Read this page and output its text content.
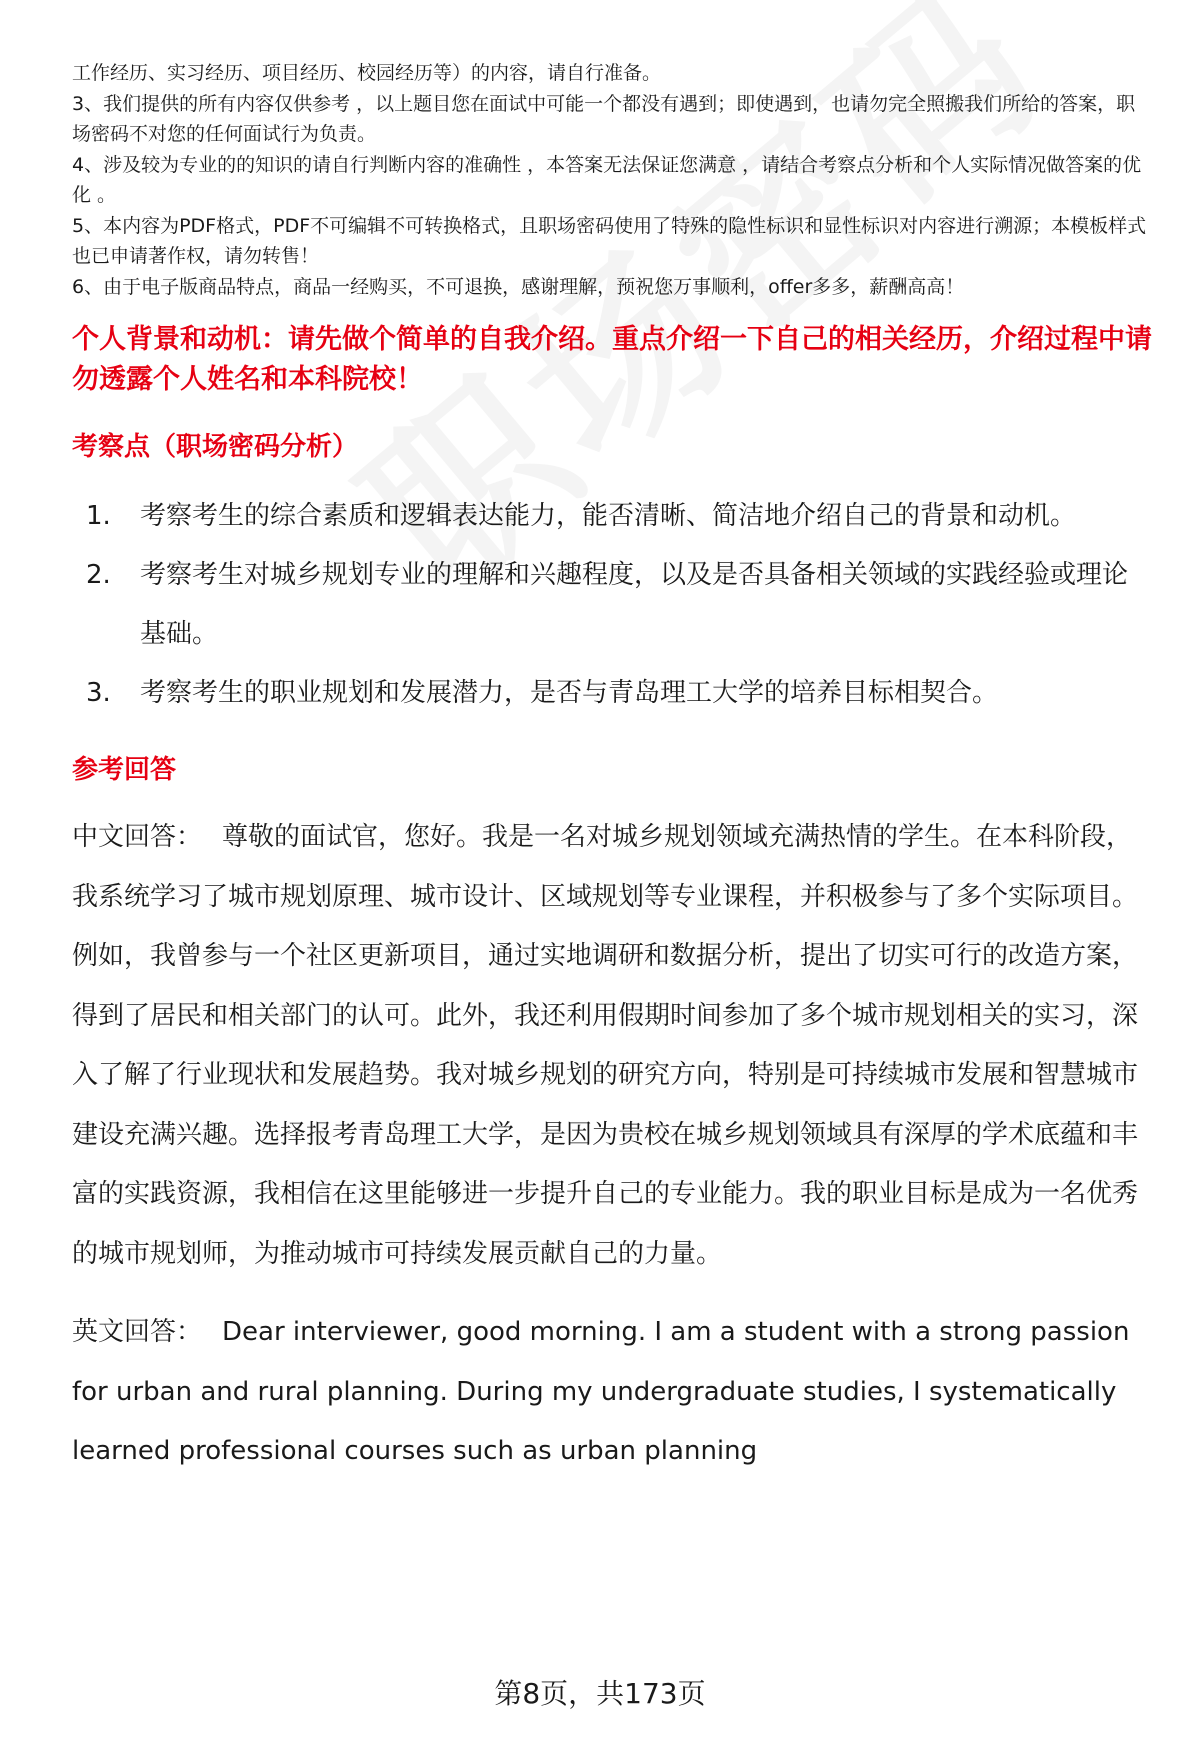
工作经历、实习经历、项目经历、校园经历等）的内容，请自行准备。

3、我们提供的所有内容仅供参考 ，以上题目您在面试中可能一个都没有遇到；即使遇到，也请勿完全照搬我们所给的答案，职场密码不对您的任何面试行为负责。

4、涉及较为专业的的知识的请自行判断内容的准确性 ，本答案无法保证您满意 ，请结合考察点分析和个人实际情况做答案的优化 。

5、本内容为PDF格式，PDF不可编辑不可转换格式，且职场密码使用了特殊的隐性标识和显性标识对内容进行溯源；本模板样式也已申请著作权，请勿转售！

6、由于电子版商品特点，商品一经购买，不可退换，感谢理解，预祝您万事顺利，offer多多，薪酬高高！

个人背景和动机：请先做个简单的自我介绍。重点介绍一下自己的相关经历，介绍过程中请勿透露个人姓名和本科院校！

考察点（职场密码分析）

1.	考察考生的综合素质和逻辑表达能力，能否清晰、简洁地介绍自己的背景和动机。
2.	考察考生对城乡规划专业的理解和兴趣程度，以及是否具备相关领域的实践经验或理论基础。
3.	考察考生的职业规划和发展潜力，是否与青岛理工大学的培养目标相契合。

参考回答

中文回答： 尊敬的面试官，您好。我是一名对城乡规划领域充满热情的学生。在本科阶段，我系统学习了城市规划原理、城市设计、区域规划等专业课程，并积极参与了多个实际项目。例如，我曾参与一个社区更新项目，通过实地调研和数据分析，提出了切实可行的改造方案，得到了居民和相关部门的认可。此外，我还利用假期时间参加了多个城市规划相关的实习，深入了解了行业现状和发展趋势。我对城乡规划的研究方向，特别是可持续城市发展和智慧城市建设充满兴趣。选择报考青岛理工大学，是因为贵校在城乡规划领域具有深厚的学术底蕴和丰富的实践资源，我相信在这里能够进一步提升自己的专业能力。我的职业目标是成为一名优秀的城市规划师，为推动城市可持续发展贡献自己的力量。

英文回答： Dear interviewer, good morning. I am a student with a strong passion for urban and rural planning. During my undergraduate studies, I systematically learned professional courses such as urban planning

第8页，共173页
